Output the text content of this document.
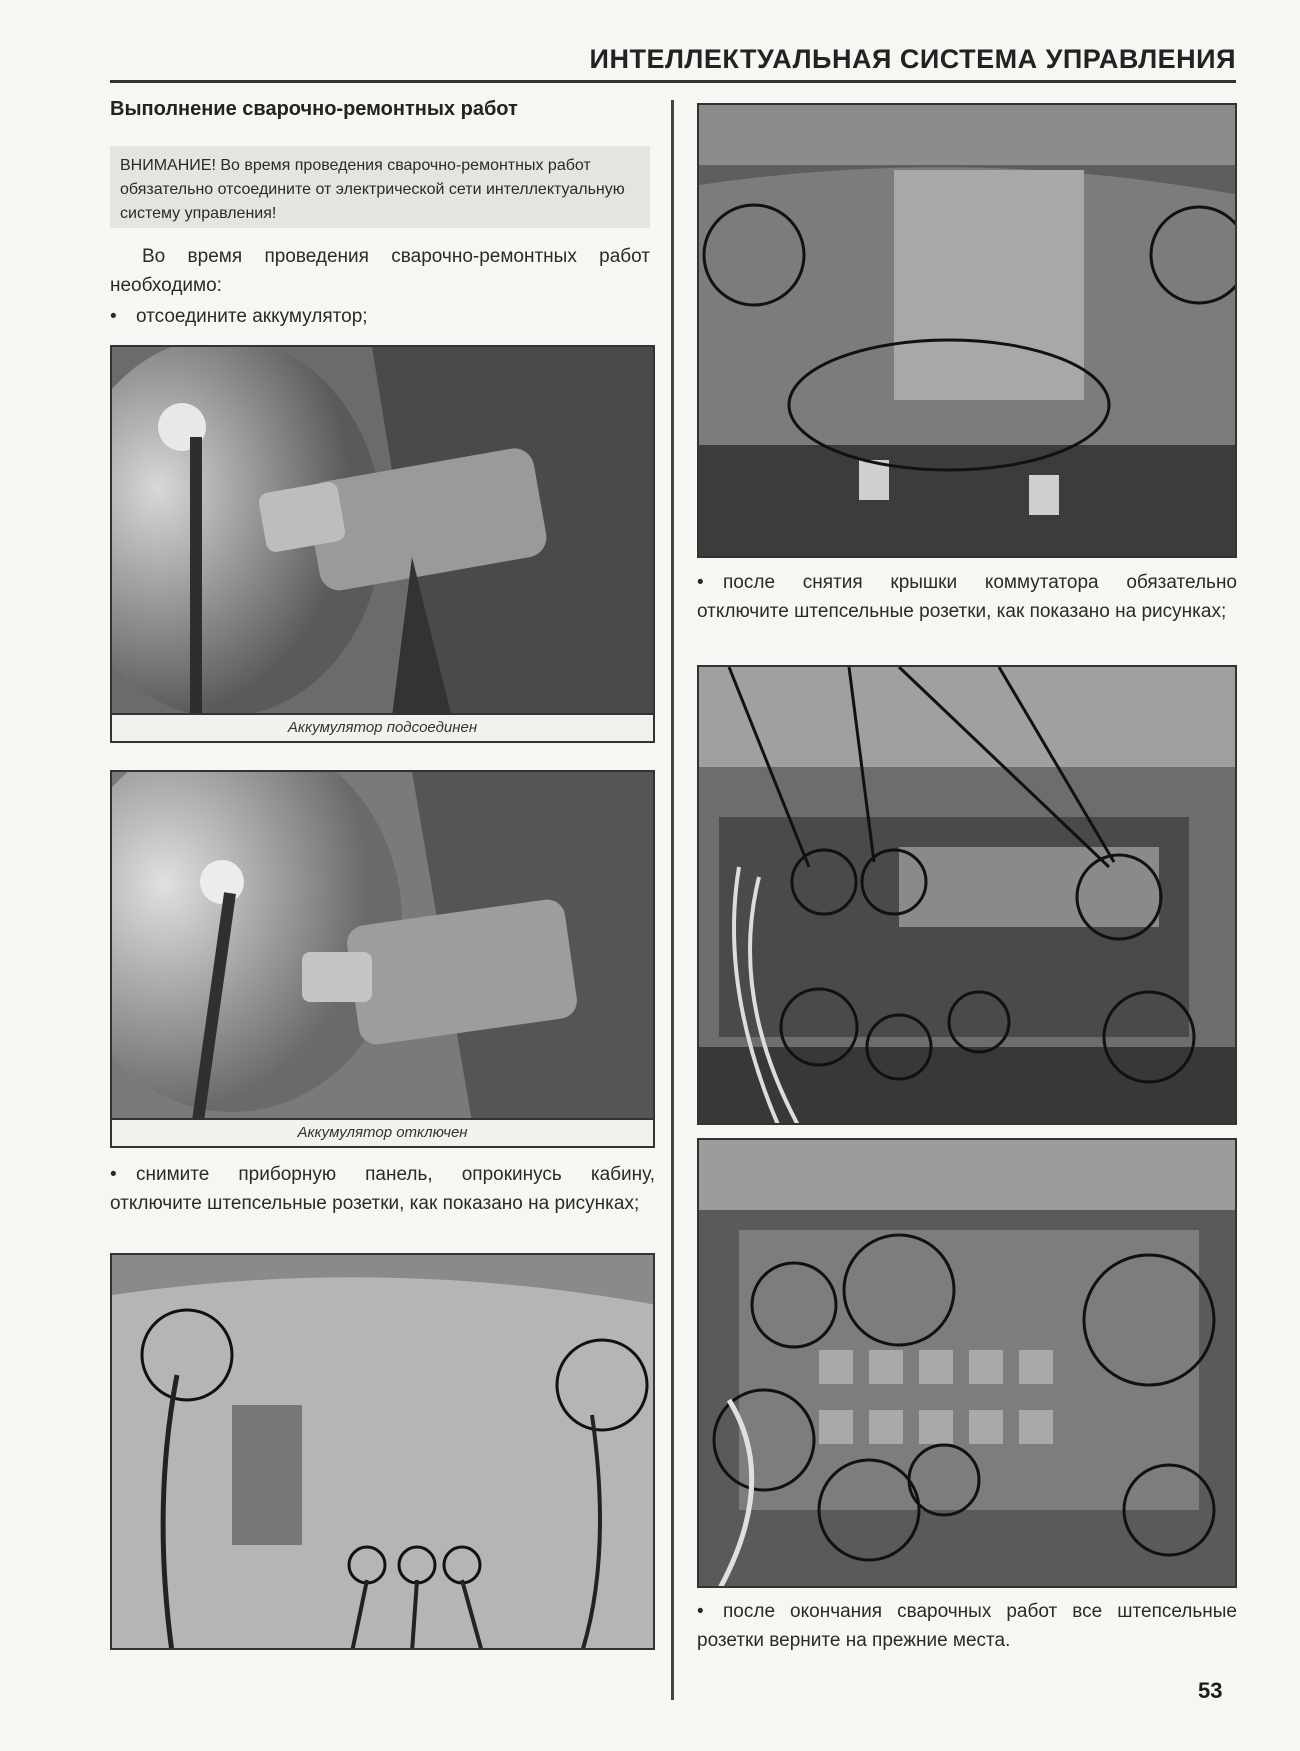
ИНТЕЛЛЕКТУАЛЬНАЯ СИСТЕМА УПРАВЛЕНИЯ
Выполнение сварочно-ремонтных работ
ВНИМАНИЕ! Во время проведения сварочно-ремонтных работ обязательно отсоедините от электрической сети интеллектуальную систему управления!
Во время проведения сварочно-ремонтных работ необходимо:
• отсоедините аккумулятор;
Аккумулятор подсоединен
Аккумулятор отключен
• снимите приборную панель, опрокинусь кабину, отключите штепсельные розетки, как показано на рисунках;
• после снятия крышки коммутатора обязательно отключите штепсельные розетки, как показано на рисунках;
• после окончания сварочных работ все штепсельные розетки верните на прежние места.
53
